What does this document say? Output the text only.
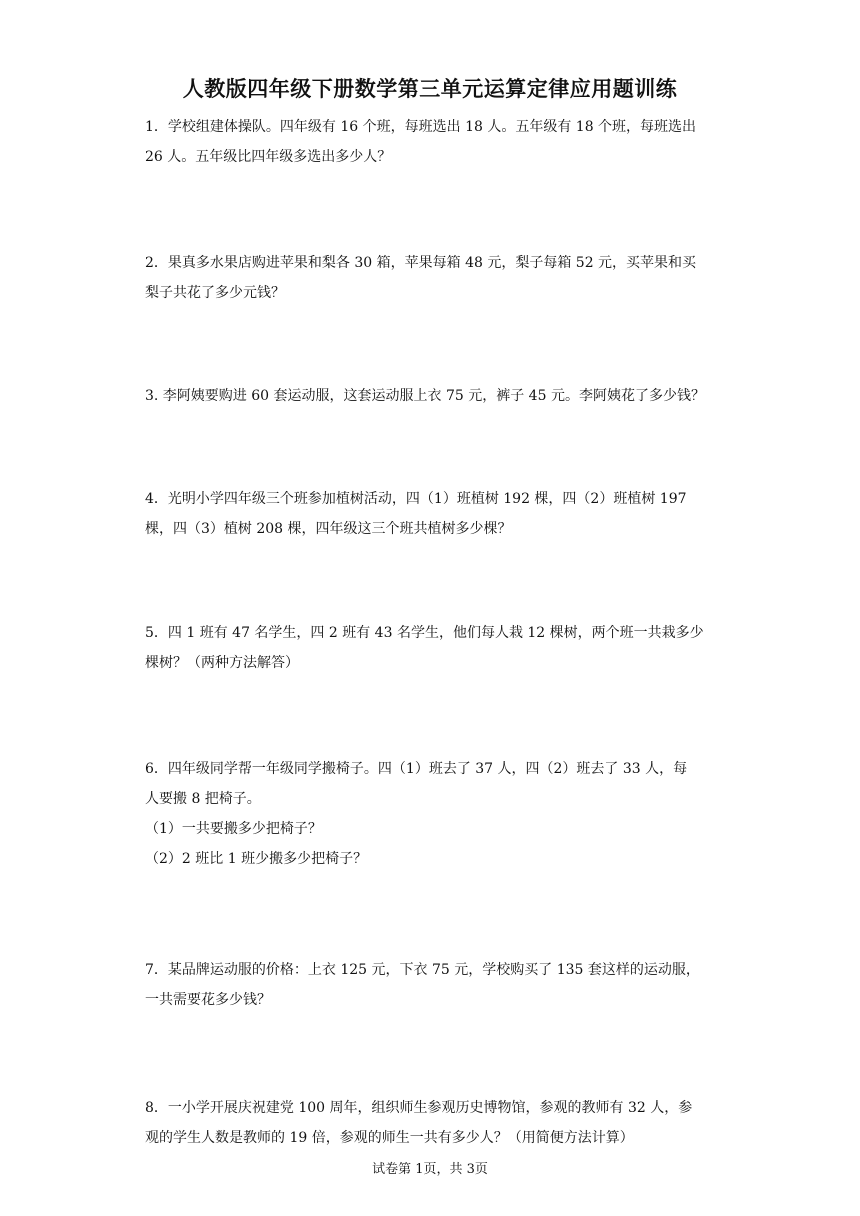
人教版四年级下册数学第三单元运算定律应用题训练

1．学校组建体操队。四年级有 16 个班，每班选出 18 人。五年级有 18 个班，每班选出

26 人。五年级比四年级多选出多少人？

2．果真多水果店购进苹果和梨各 30 箱，苹果每箱 48 元，梨子每箱 52 元，买苹果和买

梨子共花了多少元钱？

3. 李阿姨要购进 60 套运动服，这套运动服上衣 75 元，裤子 45 元。李阿姨花了多少钱？

4．光明小学四年级三个班参加植树活动，四（1）班植树 192 棵，四（2）班植树 197

棵，四（3）植树 208 棵，四年级这三个班共植树多少棵？

5．四 1 班有 47 名学生，四 2 班有 43 名学生，他们每人栽 12 棵树，两个班一共栽多少

棵树？（两种方法解答）

6．四年级同学帮一年级同学搬椅子。四（1）班去了 37 人，四（2）班去了 33 人，每

人要搬 8 把椅子。

（1）一共要搬多少把椅子？

（2）2 班比 1 班少搬多少把椅子？

7．某品牌运动服的价格：上衣 125 元，下衣 75 元，学校购买了 135 套这样的运动服，

一共需要花多少钱？

8．一小学开展庆祝建党 100 周年，组织师生参观历史博物馆，参观的教师有 32 人，参

观的学生人数是教师的 19 倍，参观的师生一共有多少人？（用简便方法计算）

试卷第 1页，共 3页
